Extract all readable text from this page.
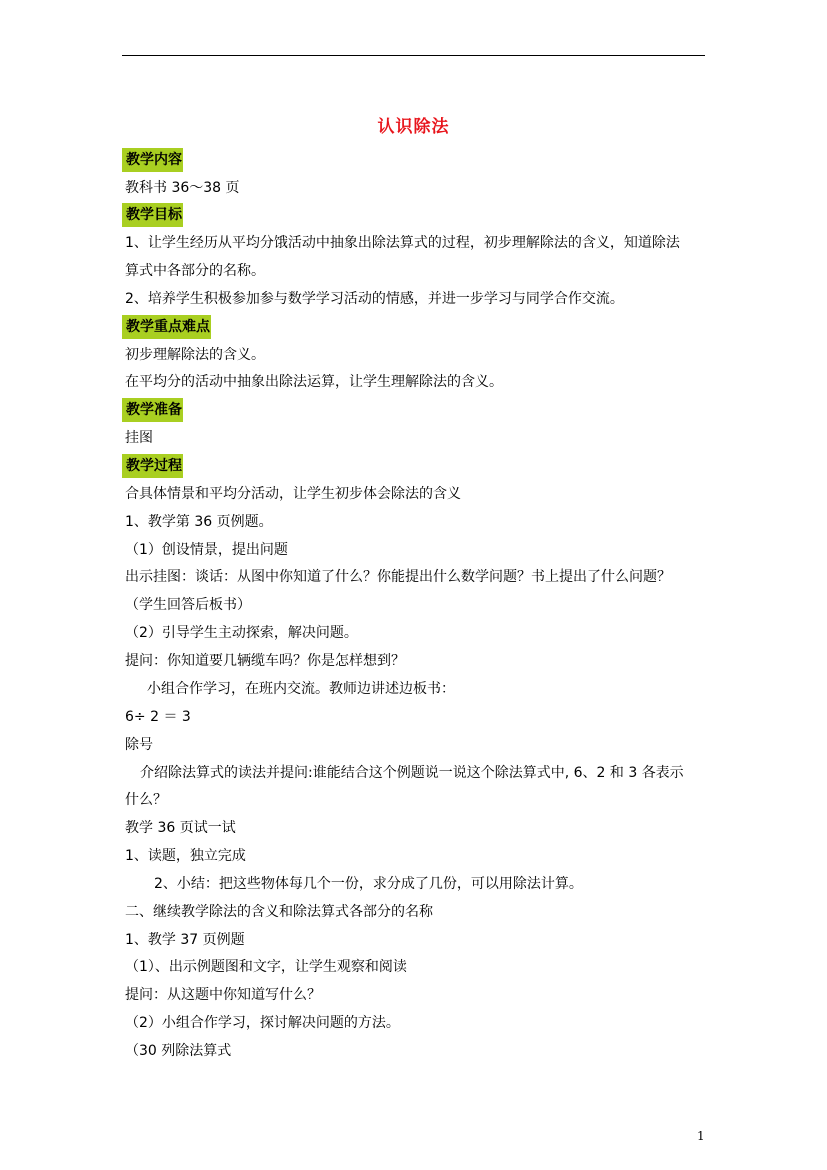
认识除法
教学内容
教科书 36～38 页
教学目标
1、让学生经历从平均分饿活动中抽象出除法算式的过程，初步理解除法的含义，知道除法
算式中各部分的名称。
2、培养学生积极参加参与数学学习活动的情感，并进一步学习与同学合作交流。
教学重点难点
初步理解除法的含义。
在平均分的活动中抽象出除法运算，让学生理解除法的含义。
教学准备
挂图
教学过程
合具体情景和平均分活动，让学生初步体会除法的含义
1、教学第 36 页例题。
（1）创设情景，提出问题
出示挂图：谈话：从图中你知道了什么？你能提出什么数学问题？书上提出了什么问题？
（学生回答后板书）
（2）引导学生主动探索，解决问题。
提问：你知道要几辆缆车吗？你是怎样想到？
小组合作学习，在班内交流。教师边讲述边板书：
6÷ 2 ＝ 3
除号
介绍除法算式的读法并提问:谁能结合这个例题说一说这个除法算式中, 6、2 和 3 各表示
什么？
教学 36 页试一试
1、读题，独立完成
2、小结：把这些物体每几个一份，求分成了几份，可以用除法计算。
二、继续教学除法的含义和除法算式各部分的名称
1、教学 37 页例题
（1）、出示例题图和文字，让学生观察和阅读
提问：从这题中你知道写什么？
（2）小组合作学习，探讨解决问题的方法。
（30 列除法算式
1
